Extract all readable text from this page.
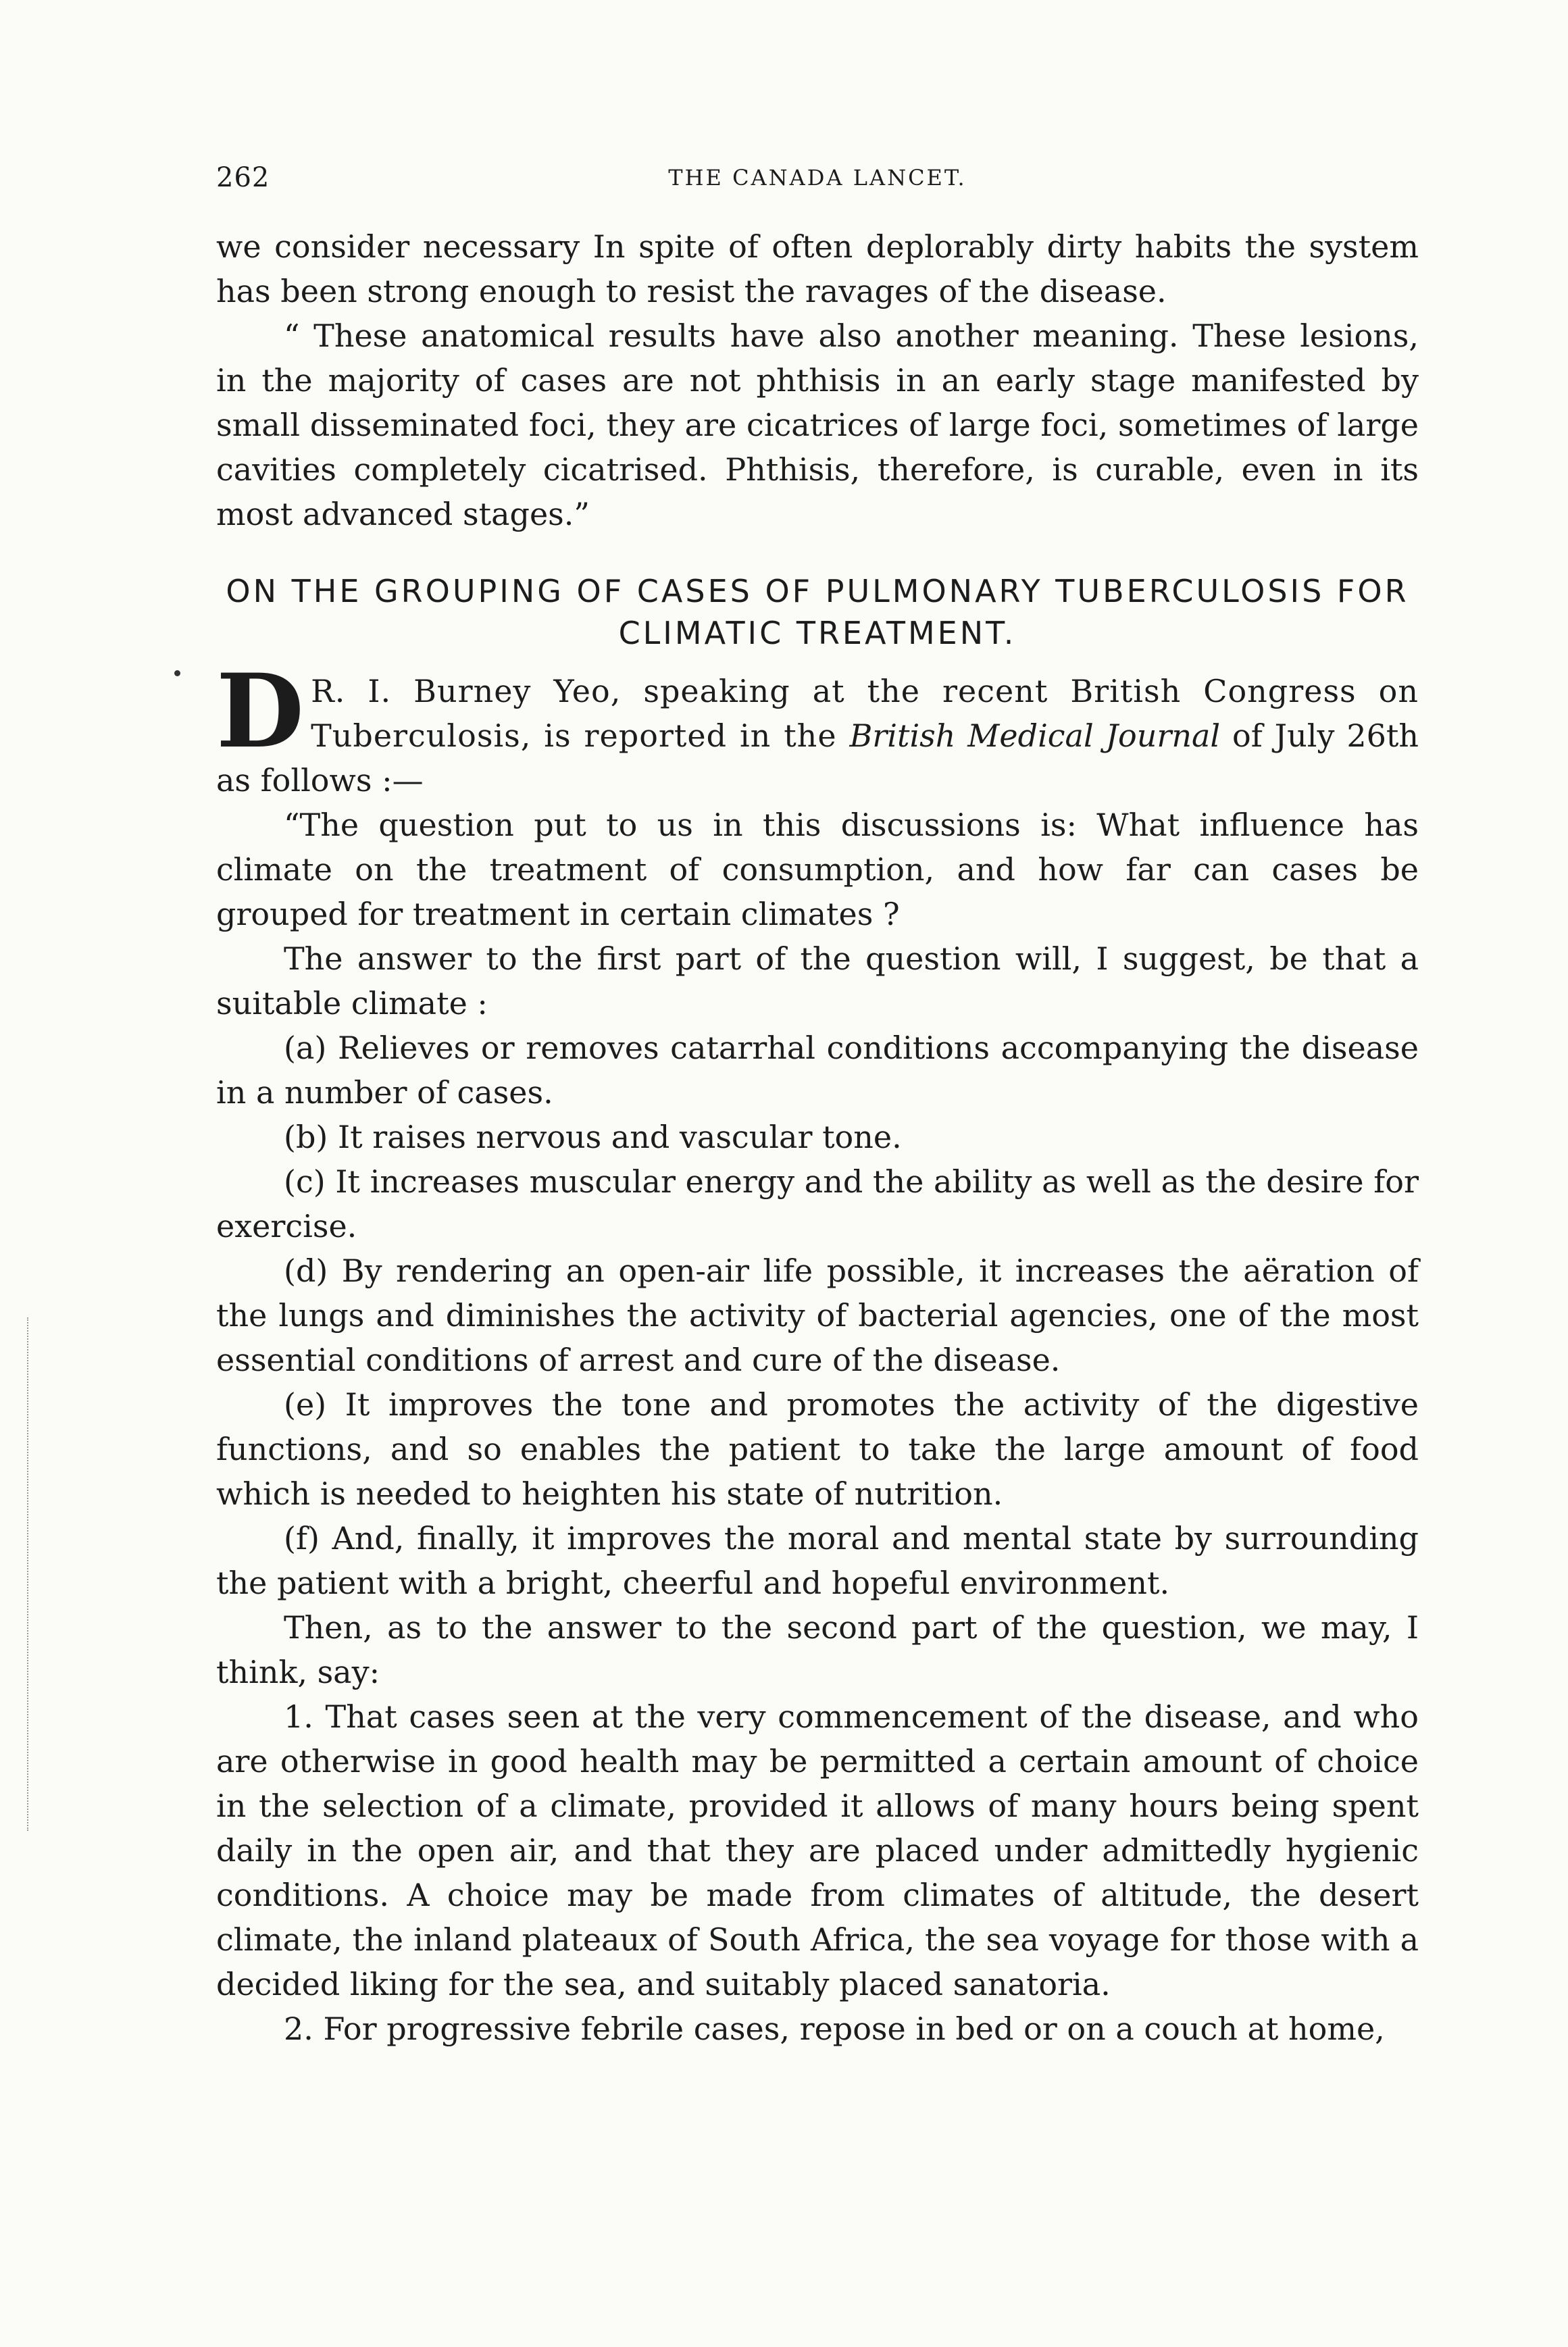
262	THE CANADA LANCET.

we consider necessary In spite of often deplorably dirty habits the system has been strong enough to resist the ravages of the disease.

“ These anatomical results have also another meaning. These lesions, in the majority of cases are not phthisis in an early stage manifested by small disseminated foci, they are cicatrices of large foci, sometimes of large cavities completely cicatrised. Phthisis, therefore, is curable, even in its most advanced stages.”

ON THE GROUPING OF CASES OF PULMONARY TUBERCULOSIS FOR CLIMATIC TREATMENT.

D R. I. Burney Yeo, speaking at the recent British Congress on Tuberculosis, is reported in the British Medical Journal of July 26th as follows :—

“The question put to us in this discussions is: What influence has climate on the treatment of consumption, and how far can cases be grouped for treatment in certain climates ?

The answer to the first part of the question will, I suggest, be that a suitable climate :

(a) Relieves or removes catarrhal conditions accompanying the disease in a number of cases.

(b) It raises nervous and vascular tone.

(c) It increases muscular energy and the ability as well as the desire for exercise.

(d) By rendering an open-air life possible, it increases the aëration of the lungs and diminishes the activity of bacterial agencies, one of the most essential conditions of arrest and cure of the disease.

(e) It improves the tone and promotes the activity of the digestive functions, and so enables the patient to take the large amount of food which is needed to heighten his state of nutrition.

(f) And, finally, it improves the moral and mental state by surrounding the patient with a bright, cheerful and hopeful environment.

Then, as to the answer to the second part of the question, we may, I think, say:

1. That cases seen at the very commencement of the disease, and who are otherwise in good health may be permitted a certain amount of choice in the selection of a climate, provided it allows of many hours being spent daily in the open air, and that they are placed under admittedly hygienic conditions. A choice may be made from climates of altitude, the desert climate, the inland plateaux of South Africa, the sea voyage for those with a decided liking for the sea, and suitably placed sanatoria.

2. For progressive febrile cases, repose in bed or on a couch at home,
